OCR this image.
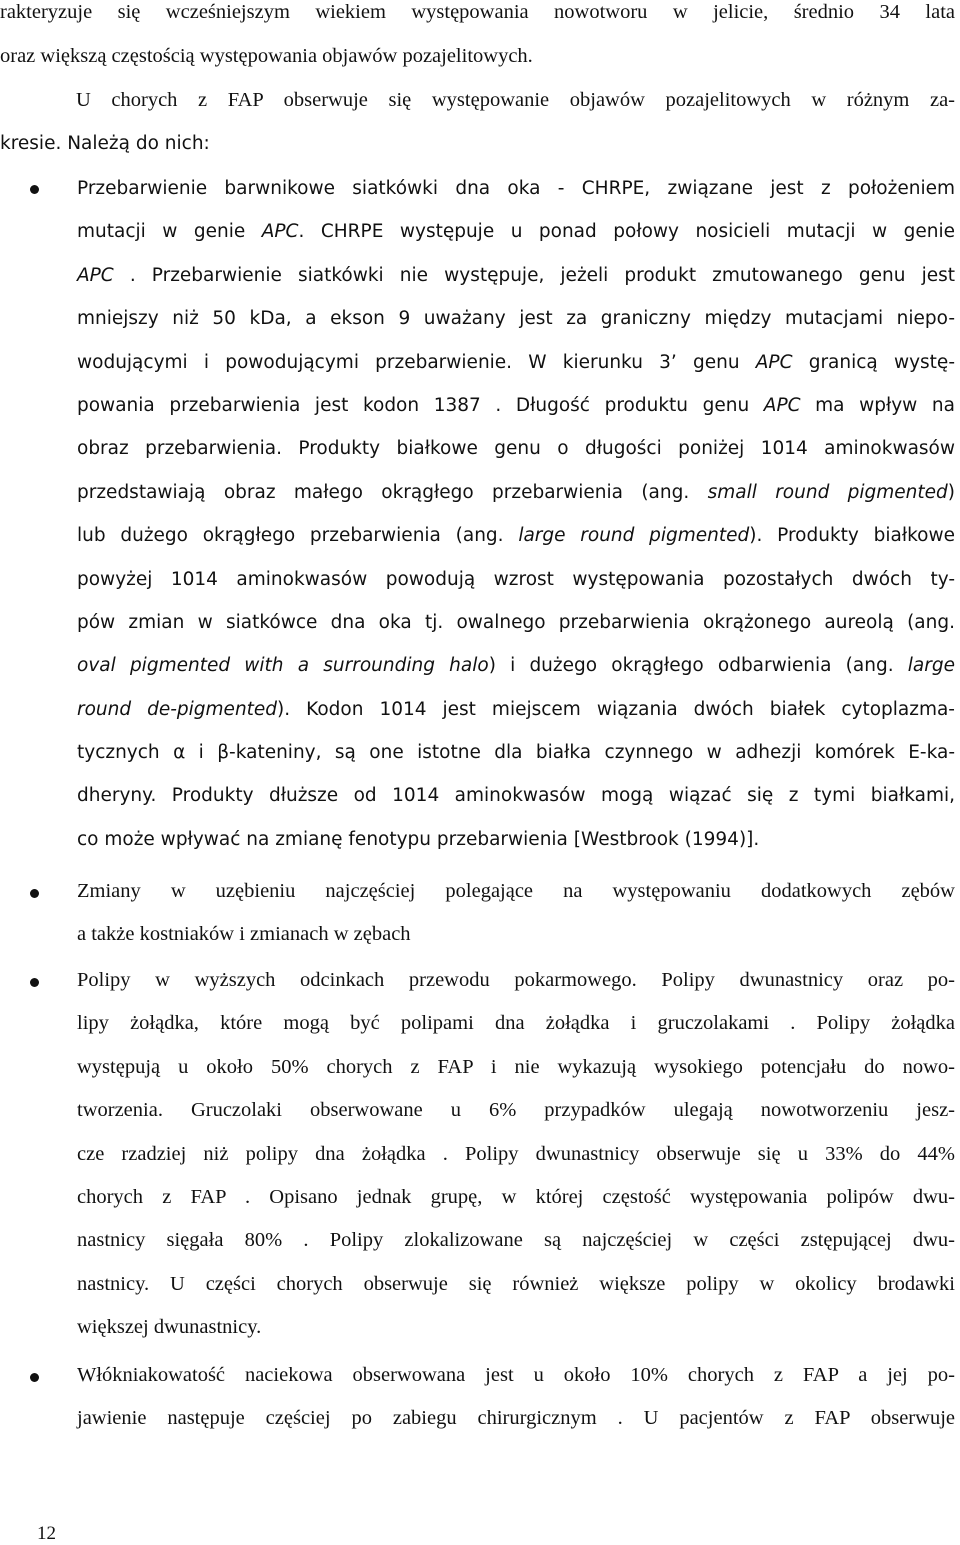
rakteryzuje się wcześniejszym wiekiem występowania nowotworu w jelicie, średnio 34 lata
oraz większą częstością występowania objawów pozajelitowych.
U chorych z FAP obserwuje się występowanie objawów pozajelitowych w różnym za-
kresie. Należą do nich:
Przebarwienie barwnikowe siatkówki dna oka - CHRPE, związane jest z położeniem
mutacji w genie APC. CHRPE występuje u ponad połowy nosicieli mutacji w genie
APC . Przebarwienie siatkówki nie występuje, jeżeli produkt zmutowanego genu jest
mniejszy niż 50 kDa, a ekson 9 uważany jest za graniczny między mutacjami niepo-
wodującymi i powodującymi przebarwienie. W kierunku 3’ genu APC granicą wystę-
powania przebarwienia jest kodon 1387 . Długość produktu genu APC ma wpływ na
obraz przebarwienia. Produkty białkowe genu o długości poniżej 1014 aminokwasów
przedstawiają obraz małego okrągłego przebarwienia (ang. small round pigmented)
lub dużego okrągłego przebarwienia (ang. large round pigmented). Produkty białkowe
powyżej 1014 aminokwasów powodują wzrost występowania pozostałych dwóch ty-
pów zmian w siatkówce dna oka tj. owalnego przebarwienia okrążonego aureolą (ang.
oval pigmented with a surrounding halo) i dużego okrągłego odbarwienia (ang. large
round de-pigmented). Kodon 1014 jest miejscem wiązania dwóch białek cytoplazma-
tycznych α i β-kateniny, są one istotne dla białka czynnego w adhezji komórek E-ka-
dheryny. Produkty dłuższe od 1014 aminokwasów mogą wiązać się z tymi białkami,
co może wpływać na zmianę fenotypu przebarwienia [Westbrook (1994)].
Zmiany w uzębieniu najczęściej polegające na występowaniu dodatkowych zębów
a także kostniaków i zmianach w zębach
Polipy w wyższych odcinkach przewodu pokarmowego. Polipy dwunastnicy oraz po-
lipy żołądka, które mogą być polipami dna żołądka i gruczolakami . Polipy żołądka
występują u około 50% chorych z FAP i nie wykazują wysokiego potencjału do nowo-
tworzenia. Gruczolaki obserwowane u 6% przypadków ulegają nowotworzeniu jesz-
cze rzadziej niż polipy dna żołądka . Polipy dwunastnicy obserwuje się u 33% do 44%
chorych z FAP . Opisano jednak grupę, w której częstość występowania polipów dwu-
nastnicy sięgała 80% . Polipy zlokalizowane są najczęściej w części zstępującej dwu-
nastnicy. U części chorych obserwuje się również większe polipy w okolicy brodawki
większej dwunastnicy.
Włókniakowatość naciekowa obserwowana jest u około 10% chorych z FAP a jej po-
jawienie następuje częściej po zabiegu chirurgicznym . U pacjentów z FAP obserwuje
12
